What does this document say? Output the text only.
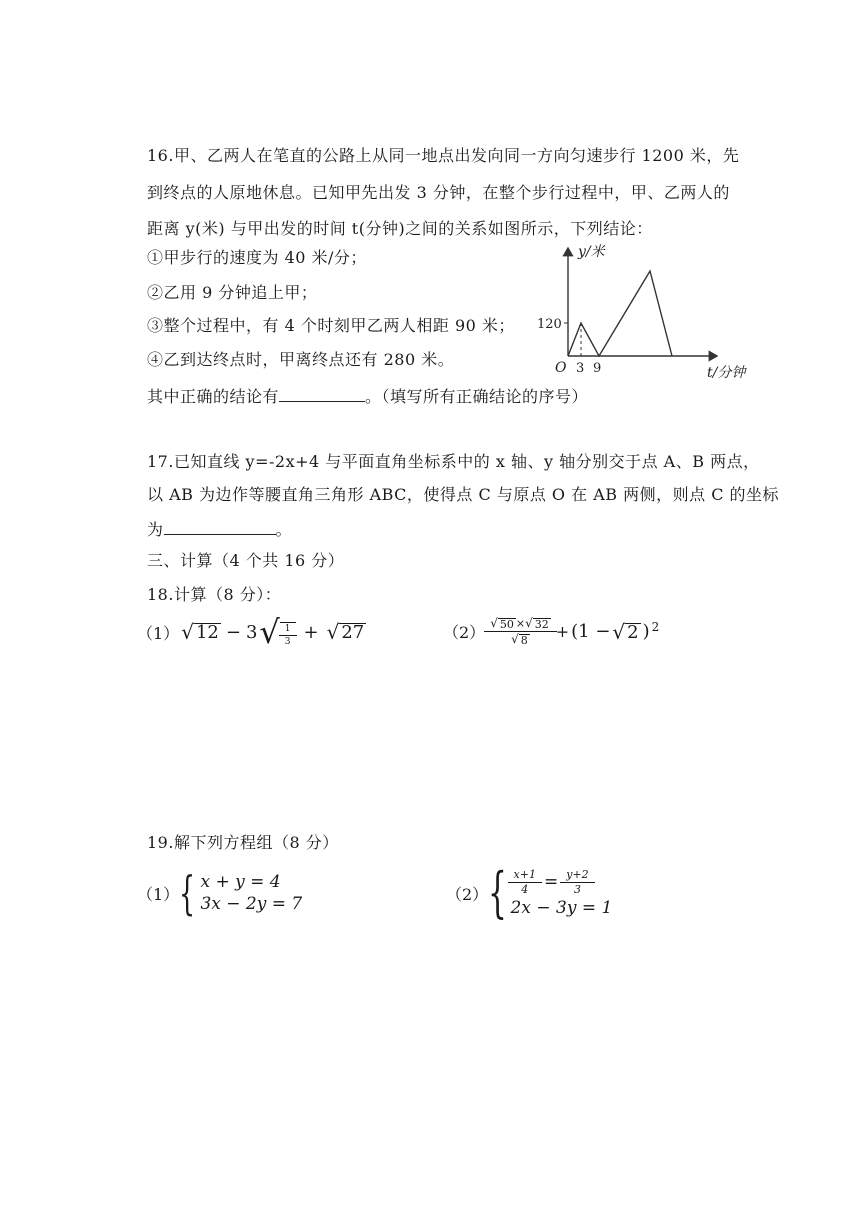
16.甲、乙两人在笔直的公路上从同一地点出发向同一方向匀速步行 1200 米，先
到终点的人原地休息。已知甲先出发 3 分钟，在整个步行过程中，甲、乙两人的
距离 y(米) 与甲出发的时间 t(分钟)之间的关系如图所示，下列结论：
①甲步行的速度为 40 米/分；
②乙用 9 分钟追上甲；
③整个过程中，有 4 个时刻甲乙两人相距 90 米；
④乙到达终点时，甲离终点还有 280 米。
其中正确的结论有	。（填写所有正确结论的序号）
y/米
120
O 3 9	t/分钟
17.已知直线 y=-2x+4 与平面直角坐标系中的 x 轴、y 轴分别交于点 A、B 两点，
以 AB 为边作等腰直角三角形 ABC，使得点 C 与原点 O 在 AB 两侧，则点 C 的坐标
为	。
三、计算（4 个共 16 分）
18.计算（8 分）：
（1） √ 12 − 3 √ $\frac{1}{3}$ + √ 27	$(2) \frac{√ 50 \times √ 32}{√ 8} + (1$ − √ 2 )$^2$
19.解下列方程组（8 分）
（1） { x + y = 4
3x − 2y = 7	（2） { $\frac{x+1}{4} = \frac{y+2}{3}$
2x − 3y = 1
